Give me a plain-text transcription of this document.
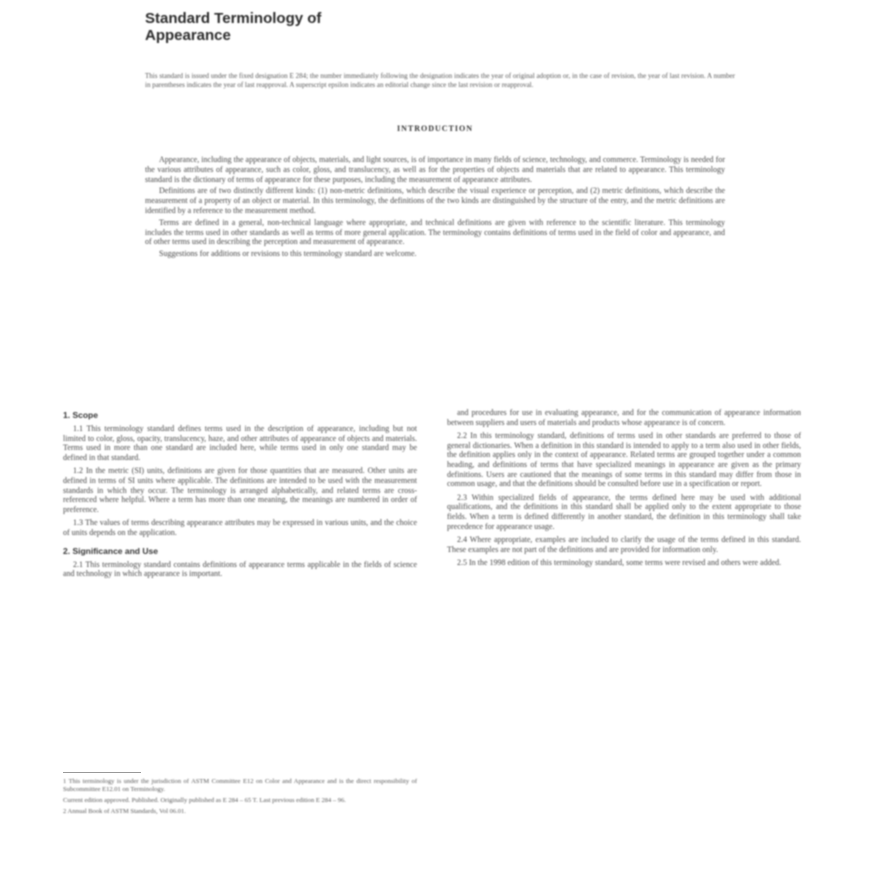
Standard Terminology of
Appearance
This standard is issued under the fixed designation E 284; the number immediately following the designation indicates the year of original adoption or, in the case of revision, the year of last revision. A number in parentheses indicates the year of last reapproval. A superscript epsilon indicates an editorial change since the last revision or reapproval.
INTRODUCTION

Appearance, including the appearance of objects, materials, and light sources, is of importance in many fields of science, technology, and commerce. Terminology is needed for the various attributes of appearance, such as color, gloss, and translucency, as well as for the properties of objects and materials that are related to appearance. This terminology standard is the dictionary of terms of appearance for these purposes, including the measurement of appearance attributes.

Definitions are of two distinctly different kinds: (1) non-metric definitions, which describe the visual experience or perception, and (2) metric definitions, which describe the measurement of a property of an object or material. In this terminology, the definitions of the two kinds are distinguished by the structure of the entry, and the metric definitions are identified by a reference to the measurement method.

Terms are defined in a general, non-technical language where appropriate, and technical definitions are given with reference to the scientific literature. This terminology includes the terms used in other standards as well as terms of more general application. The terminology contains definitions of terms used in the field of color and appearance, and of other terms used in describing the perception and measurement of appearance.

Suggestions for additions or revisions to this terminology standard are welcome.

1. Scope

1.1 This terminology standard defines terms used in the description of appearance, including but not limited to color, gloss, opacity, translucency, haze, and other attributes of appearance of objects and materials. Terms used in more than one standard are included here, while terms used in only one standard may be defined in that standard.

1.2 In the metric (SI) units, definitions are given for those quantities that are measured. Other units are defined in terms of SI units where applicable. The definitions are intended to be used with the measurement standards in which they occur. The terminology is arranged alphabetically, and related terms are cross-referenced where helpful. Where a term has more than one meaning, the meanings are numbered in order of preference.

1.3 The values of terms describing appearance attributes may be expressed in various units, and the choice of units depends on the application.

2. Significance and Use

2.1 This terminology standard contains definitions of appearance terms applicable in the fields of science and technology in which appearance is important.

and procedures for use in evaluating appearance, and for the communication of appearance information between suppliers and users of materials and products whose appearance is of concern.

2.2 In this terminology standard, definitions of terms used in other standards are preferred to those of general dictionaries. When a definition in this standard is intended to apply to a term also used in other fields, the definition applies only in the context of appearance. Related terms are grouped together under a common heading, and definitions of terms that have specialized meanings in appearance are given as the primary definitions. Users are cautioned that the meanings of some terms in this standard may differ from those in common usage, and that the definitions should be consulted before use in a specification or report.

2.3 Within specialized fields of appearance, the terms defined here may be used with additional qualifications, and the definitions in this standard shall be applied only to the extent appropriate to those fields. When a term is defined differently in another standard, the definition in this terminology shall take precedence for appearance usage.

2.4 Where appropriate, examples are included to clarify the usage of the terms defined in this standard. These examples are not part of the definitions and are provided for information only.

2.5 In the 1998 edition of this terminology standard, some terms were revised and others were added.

1 This terminology is under the jurisdiction of ASTM Committee E12 on Color and Appearance and is the direct responsibility of Subcommittee E12.01 on Terminology.

Current edition approved. Published. Originally published as E 284 – 65 T. Last previous edition E 284 – 96.

2 Annual Book of ASTM Standards, Vol 06.01.
